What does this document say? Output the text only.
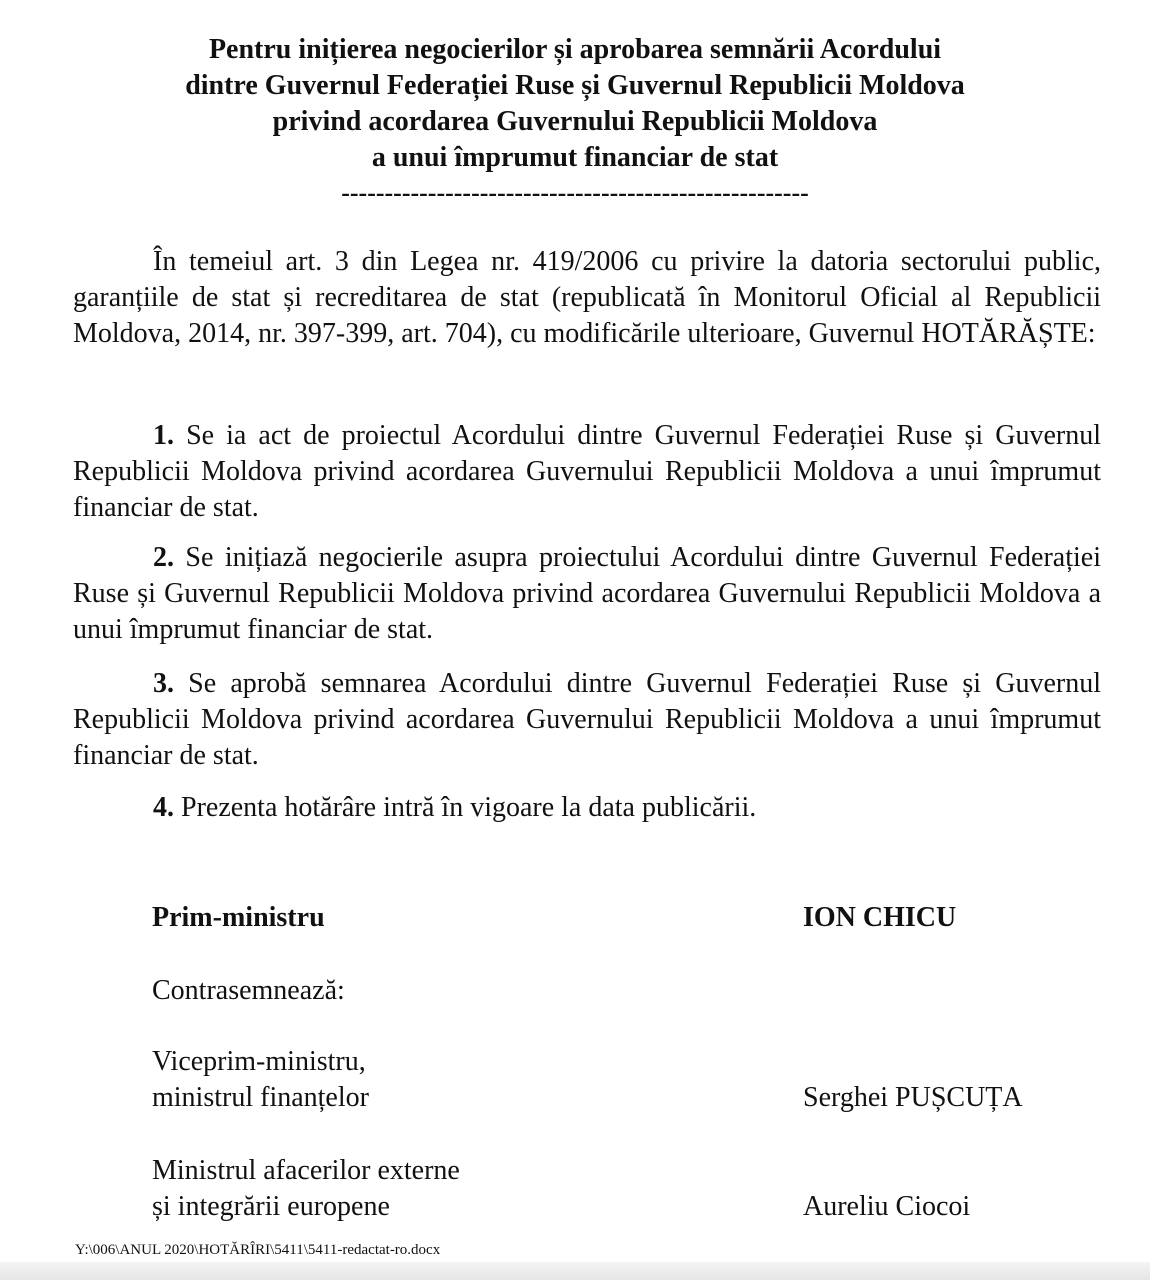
Pentru inițierea negocierilor și aprobarea semnării Acordului
dintre Guvernul Federației Ruse și Guvernul Republicii Moldova
privind acordarea Guvernului Republicii Moldova
a unui împrumut financiar de stat
------------------------------------------------------
În temeiul art. 3 din Legea nr. 419/2006 cu privire la datoria sectorului public, garanțiile de stat și recreditarea de stat (republicată în Monitorul Oficial al Republicii Moldova, 2014, nr. 397-399, art. 704), cu modificările ulterioare, Guvernul HOTĂRĂȘTE:
1. Se ia act de proiectul Acordului dintre Guvernul Federației Ruse și Guvernul Republicii Moldova privind acordarea Guvernului Republicii Moldova a unui împrumut financiar de stat.
2. Se inițiază negocierile asupra proiectului Acordului dintre Guvernul Federației Ruse și Guvernul Republicii Moldova privind acordarea Guvernului Republicii Moldova a unui împrumut financiar de stat.
3. Se aprobă semnarea Acordului dintre Guvernul Federației Ruse și Guvernul Republicii Moldova privind acordarea Guvernului Republicii Moldova a unui împrumut financiar de stat.
4. Prezenta hotărâre intră în vigoare la data publicării.
Prim-ministru	ION CHICU
Contrasemnează:
Viceprim-ministru,
ministrul finanțelor	Serghei PUȘCUȚA
Ministrul afacerilor externe
și integrării europene	Aureliu Ciocoi
Y:\006\ANUL 2020\HOTĂRÎRI\5411\5411-redactat-ro.docx
